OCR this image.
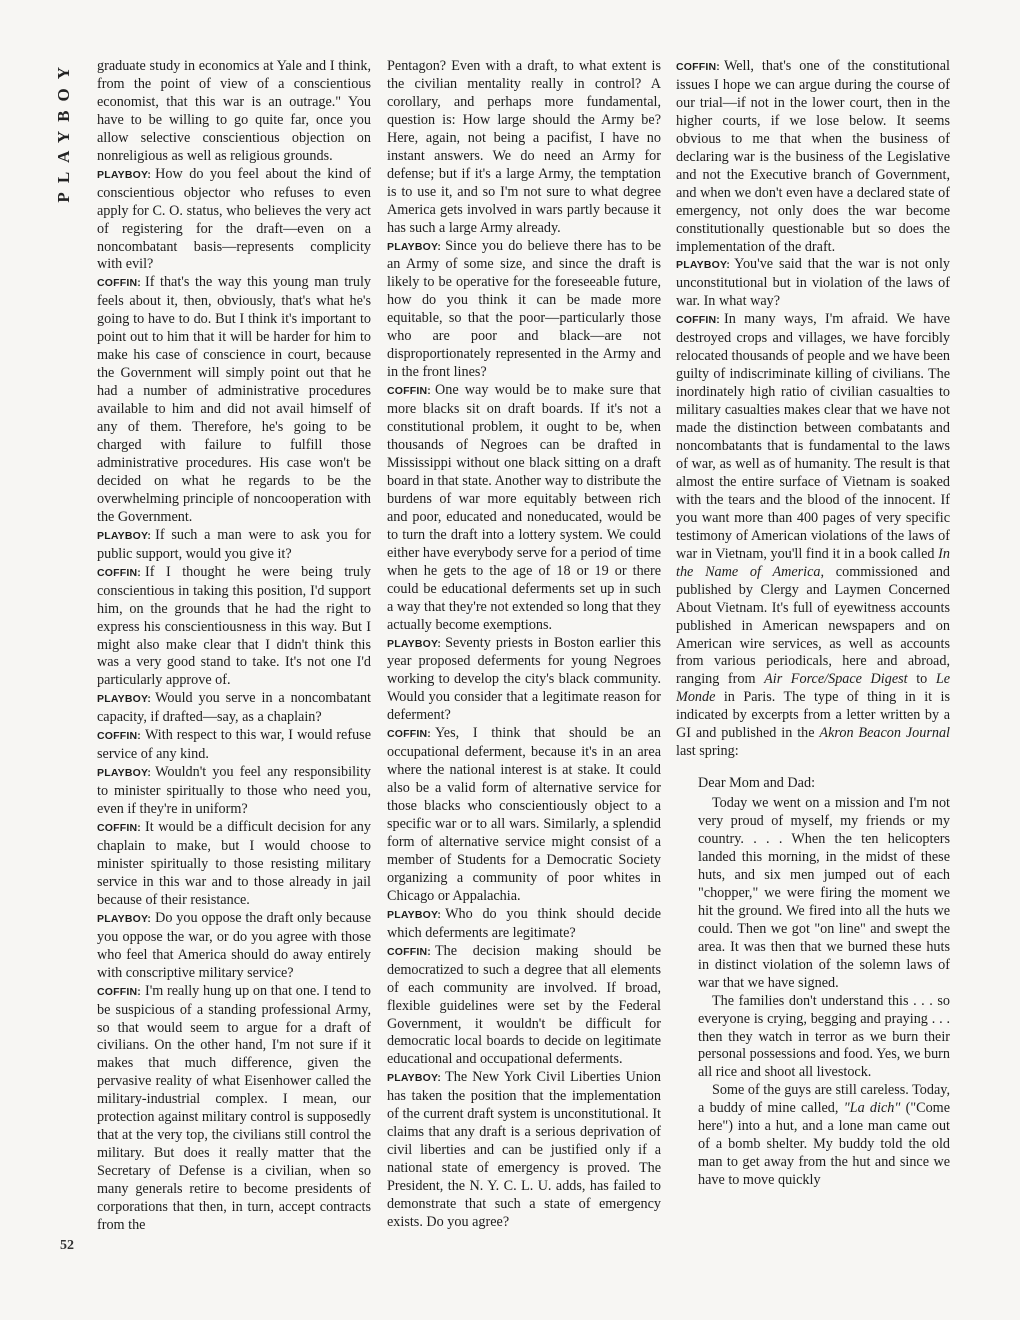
PLAYBOY
52

graduate study in economics at Yale and I think, from the point of view of a conscientious economist, that this war is an outrage." You have to be willing to go quite far, once you allow selective conscientious objection on nonreligious as well as religious grounds.

PLAYBOY: How do you feel about the kind of conscientious objector who refuses to even apply for C. O. status, who believes the very act of registering for the draft—even on a noncombatant basis—represents complicity with evil?

COFFIN: If that's the way this young man truly feels about it, then, obviously, that's what he's going to have to do. But I think it's important to point out to him that it will be harder for him to make his case of conscience in court, because the Government will simply point out that he had a number of administrative procedures available to him and did not avail himself of any of them. Therefore, he's going to be charged with failure to fulfill those administrative procedures. His case won't be decided on what he regards to be the overwhelming principle of noncooperation with the Government.

PLAYBOY: If such a man were to ask you for public support, would you give it?

COFFIN: If I thought he were being truly conscientious in taking this position, I'd support him, on the grounds that he had the right to express his conscientiousness in this way. But I might also make clear that I didn't think this was a very good stand to take. It's not one I'd particularly approve of.

PLAYBOY: Would you serve in a noncombatant capacity, if drafted—say, as a chaplain?

COFFIN: With respect to this war, I would refuse service of any kind.

PLAYBOY: Wouldn't you feel any responsibility to minister spiritually to those who need you, even if they're in uniform?

COFFIN: It would be a difficult decision for any chaplain to make, but I would choose to minister spiritually to those resisting military service in this war and to those already in jail because of their resistance.

PLAYBOY: Do you oppose the draft only because you oppose the war, or do you agree with those who feel that America should do away entirely with conscriptive military service?

COFFIN: I'm really hung up on that one. I tend to be suspicious of a standing professional Army, so that would seem to argue for a draft of civilians. On the other hand, I'm not sure if it makes that much difference, given the pervasive reality of what Eisenhower called the military-industrial complex. I mean, our protection against military control is supposedly that at the very top, the civilians still control the military. But does it really matter that the Secretary of Defense is a civilian, when so many generals retire to become presidents of corporations that then, in turn, accept contracts from the

Pentagon? Even with a draft, to what extent is the civilian mentality really in control? A corollary, and perhaps more fundamental, question is: How large should the Army be? Here, again, not being a pacifist, I have no instant answers. We do need an Army for defense; but if it's a large Army, the temptation is to use it, and so I'm not sure to what degree America gets involved in wars partly because it has such a large Army already.

PLAYBOY: Since you do believe there has to be an Army of some size, and since the draft is likely to be operative for the foreseeable future, how do you think it can be made more equitable, so that the poor—particularly those who are poor and black—are not disproportionately represented in the Army and in the front lines?

COFFIN: One way would be to make sure that more blacks sit on draft boards. If it's not a constitutional problem, it ought to be, when thousands of Negroes can be drafted in Mississippi without one black sitting on a draft board in that state. Another way to distribute the burdens of war more equitably between rich and poor, educated and noneducated, would be to turn the draft into a lottery system. We could either have everybody serve for a period of time when he gets to the age of 18 or 19 or there could be educational deferments set up in such a way that they're not extended so long that they actually become exemptions.

PLAYBOY: Seventy priests in Boston earlier this year proposed deferments for young Negroes working to develop the city's black community. Would you consider that a legitimate reason for deferment?

COFFIN: Yes, I think that should be an occupational deferment, because it's in an area where the national interest is at stake. It could also be a valid form of alternative service for those blacks who conscientiously object to a specific war or to all wars. Similarly, a splendid form of alternative service might consist of a member of Students for a Democratic Society organizing a community of poor whites in Chicago or Appalachia.

PLAYBOY: Who do you think should decide which deferments are legitimate?

COFFIN: The decision making should be democratized to such a degree that all elements of each community are involved. If broad, flexible guidelines were set by the Federal Government, it wouldn't be difficult for democratic local boards to decide on legitimate educational and occupational deferments.

PLAYBOY: The New York Civil Liberties Union has taken the position that the implementation of the current draft system is unconstitutional. It claims that any draft is a serious deprivation of civil liberties and can be justified only if a national state of emergency is proved. The President, the N. Y. C. L. U. adds, has failed to demonstrate that such a state of emergency exists. Do you agree?

COFFIN: Well, that's one of the constitutional issues I hope we can argue during the course of our trial—if not in the lower court, then in the higher courts, if we lose below. It seems obvious to me that when the business of declaring war is the business of the Legislative and not the Executive branch of Government, and when we don't even have a declared state of emergency, not only does the war become constitutionally questionable but so does the implementation of the draft.

PLAYBOY: You've said that the war is not only unconstitutional but in violation of the laws of war. In what way?

COFFIN: In many ways, I'm afraid. We have destroyed crops and villages, we have forcibly relocated thousands of people and we have been guilty of indiscriminate killing of civilians. The inordinately high ratio of civilian casualties to military casualties makes clear that we have not made the distinction between combatants and noncombatants that is fundamental to the laws of war, as well as of humanity. The result is that almost the entire surface of Vietnam is soaked with the tears and the blood of the innocent. If you want more than 400 pages of very specific testimony of American violations of the laws of war in Vietnam, you'll find it in a book called In the Name of America, commissioned and published by Clergy and Laymen Concerned About Vietnam. It's full of eyewitness accounts published in American newspapers and on American wire services, as well as accounts from various periodicals, here and abroad, ranging from Air Force/Space Digest to Le Monde in Paris. The type of thing in it is indicated by excerpts from a letter written by a GI and published in the Akron Beacon Journal last spring:

Dear Mom and Dad:

Today we went on a mission and I'm not very proud of myself, my friends or my country. . . . When the ten helicopters landed this morning, in the midst of these huts, and six men jumped out of each "chopper," we were firing the moment we hit the ground. We fired into all the huts we could. Then we got "on line" and swept the area. It was then that we burned these huts in distinct violation of the solemn laws of war that we have signed.

The families don't understand this . . . so everyone is crying, begging and praying . . . then they watch in terror as we burn their personal possessions and food. Yes, we burn all rice and shoot all livestock.

Some of the guys are still careless. Today, a buddy of mine called, "La dich" ("Come here") into a hut, and a lone man came out of a bomb shelter. My buddy told the old man to get away from the hut and since we have to move quickly
